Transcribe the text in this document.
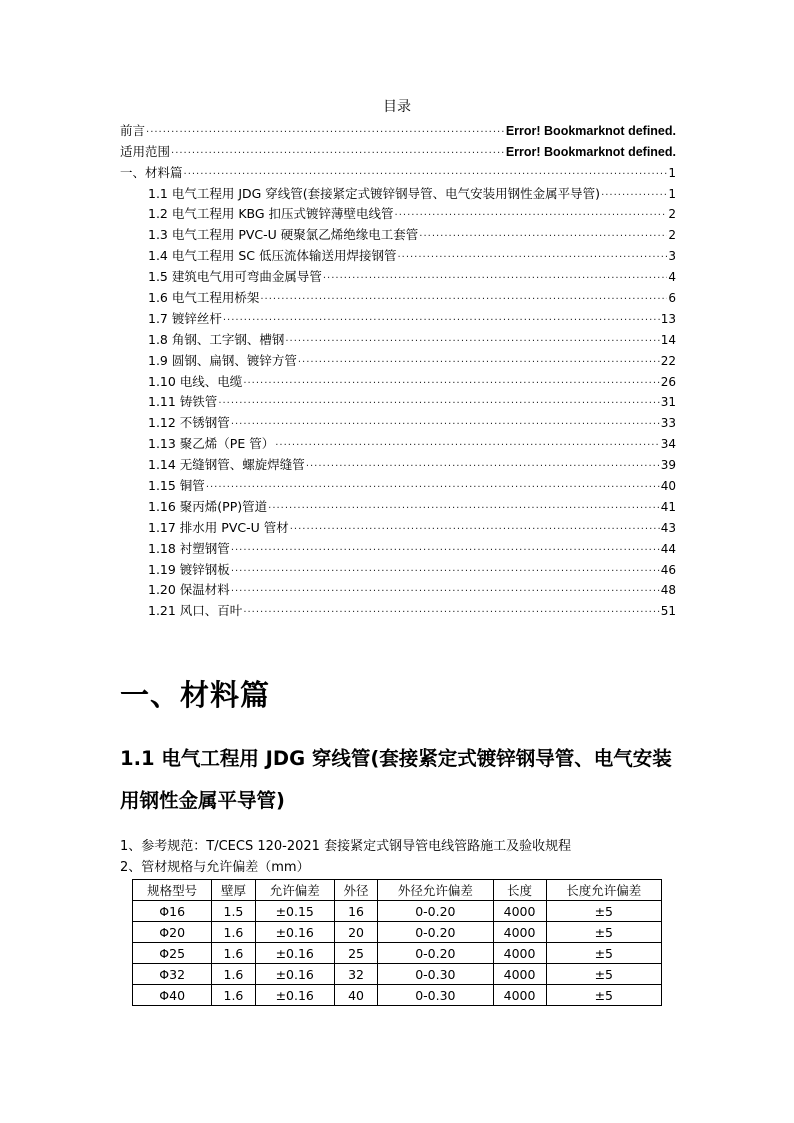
目录
前言 .....	Error! Bookmarknot defined.
适用范围 .....	Error! Bookmarknot defined.
一、材料篇 .....	1
1.1 电气工程用 JDG 穿线管(套接紧定式镀锌钢导管、电气安装用钢性金属平导管) .....	1
1.2 电气工程用 KBG 扣压式镀锌薄壁电线管 .....	2
1.3 电气工程用 PVC-U 硬聚氯乙烯绝缘电工套管 .....	2
1.4 电气工程用 SC 低压流体输送用焊接钢管 .....	3
1.5 建筑电气用可弯曲金属导管 .....	4
1.6 电气工程用桥架 .....	6
1.7 镀锌丝杆 .....	13
1.8 角钢、工字钢、槽钢 .....	14
1.9 圆钢、扁钢、镀锌方管 .....	22
1.10 电线、电缆 .....	26
1.11 铸铁管 .....	31
1.12 不锈钢管 .....	33
1.13 聚乙烯（PE 管） .....	34
1.14 无缝钢管、螺旋焊缝管 .....	39
1.15 铜管 .....	40
1.16 聚丙烯(PP)管道 .....	41
1.17 排水用 PVC-U 管材 .....	43
1.18 衬塑钢管 .....	44
1.19 镀锌钢板 .....	46
1.20 保温材料 .....	48
1.21 风口、百叶 .....	51
一、材料篇
1.1 电气工程用 JDG 穿线管(套接紧定式镀锌钢导管、电气安装用钢性金属平导管)

1、参考规范：T/CECS 120-2021 套接紧定式钢导管电线管路施工及验收规程

2、管材规格与允许偏差（mm）

规格型号	壁厚	允许偏差	外径	外径允许偏差	长度	长度允许偏差
Φ16	1.5	±0.15	16	0-0.20	4000	±5
Φ20	1.6	±0.16	20	0-0.20	4000	±5
Φ25	1.6	±0.16	25	0-0.20	4000	±5
Φ32	1.6	±0.16	32	0-0.30	4000	±5
Φ40	1.6	±0.16	40	0-0.30	4000	±5
